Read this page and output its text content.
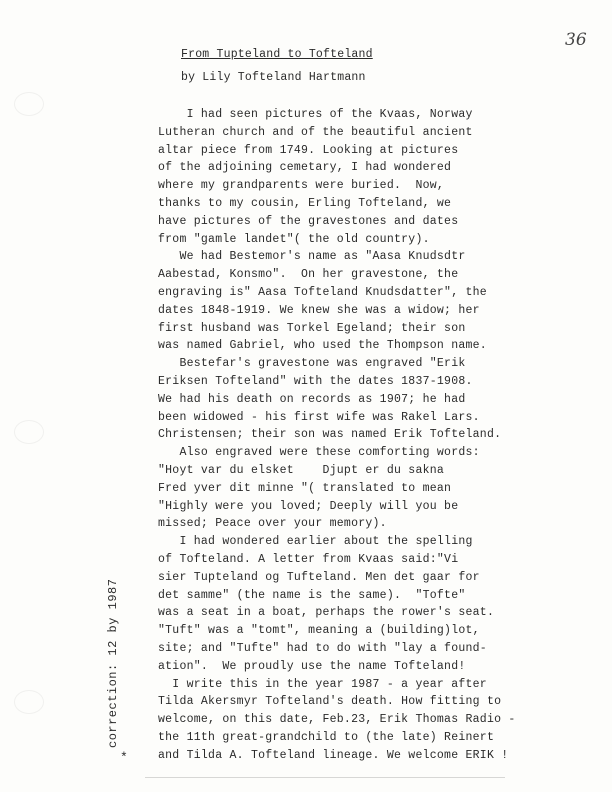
36
From Tupteland to Tofteland
by Lily Tofteland Hartmann
I had seen pictures of the Kvaas, Norway
Lutheran church and of the beautiful ancient
altar piece from 1749. Looking at pictures
of the adjoining cemetary, I had wondered
where my grandparents were buried.  Now,
thanks to my cousin, Erling Tofteland, we
have pictures of the gravestones and dates
from "gamle landet"( the old country).
We had Bestemor's name as "Aasa Knudsdtr
Aabestad, Konsmo".  On her gravestone, the
engraving is" Aasa Tofteland Knudsdatter", the
dates 1848-1919. We knew she was a widow; her
first husband was Torkel Egeland; their son
was named Gabriel, who used the Thompson name.
Bestefar's gravestone was engraved "Erik
Eriksen Tofteland" with the dates 1837-1908.
We had his death on records as 1907; he had
been widowed - his first wife was Rakel Lars.
Christensen; their son was named Erik Tofteland.
Also engraved were these comforting words:
"Hoyt var du elsket    Djupt er du sakna
Fred yver dit minne "( translated to mean
"Highly were you loved; Deeply will you be
missed; Peace over your memory).
I had wondered earlier about the spelling
of Tofteland. A letter from Kvaas said:"Vi
sier Tupteland og Tufteland. Men det gaar for
det samme" (the name is the same).  "Tofte"
was a seat in a boat, perhaps the rower's seat.
"Tuft" was a "tomt", meaning a (building)lot,
site; and "Tufte" had to do with "lay a found-
ation".  We proudly use the name Tofteland!
I write this in the year 1987 - a year after
Tilda Akersmyr Tofteland's death. How fitting to
welcome, on this date, Feb.23, Erik Thomas Radio -
the 11th great-grandchild to (the late) Reinert
and Tilda A. Tofteland lineage. We welcome ERIK !
correction: 12 by 1987
*
